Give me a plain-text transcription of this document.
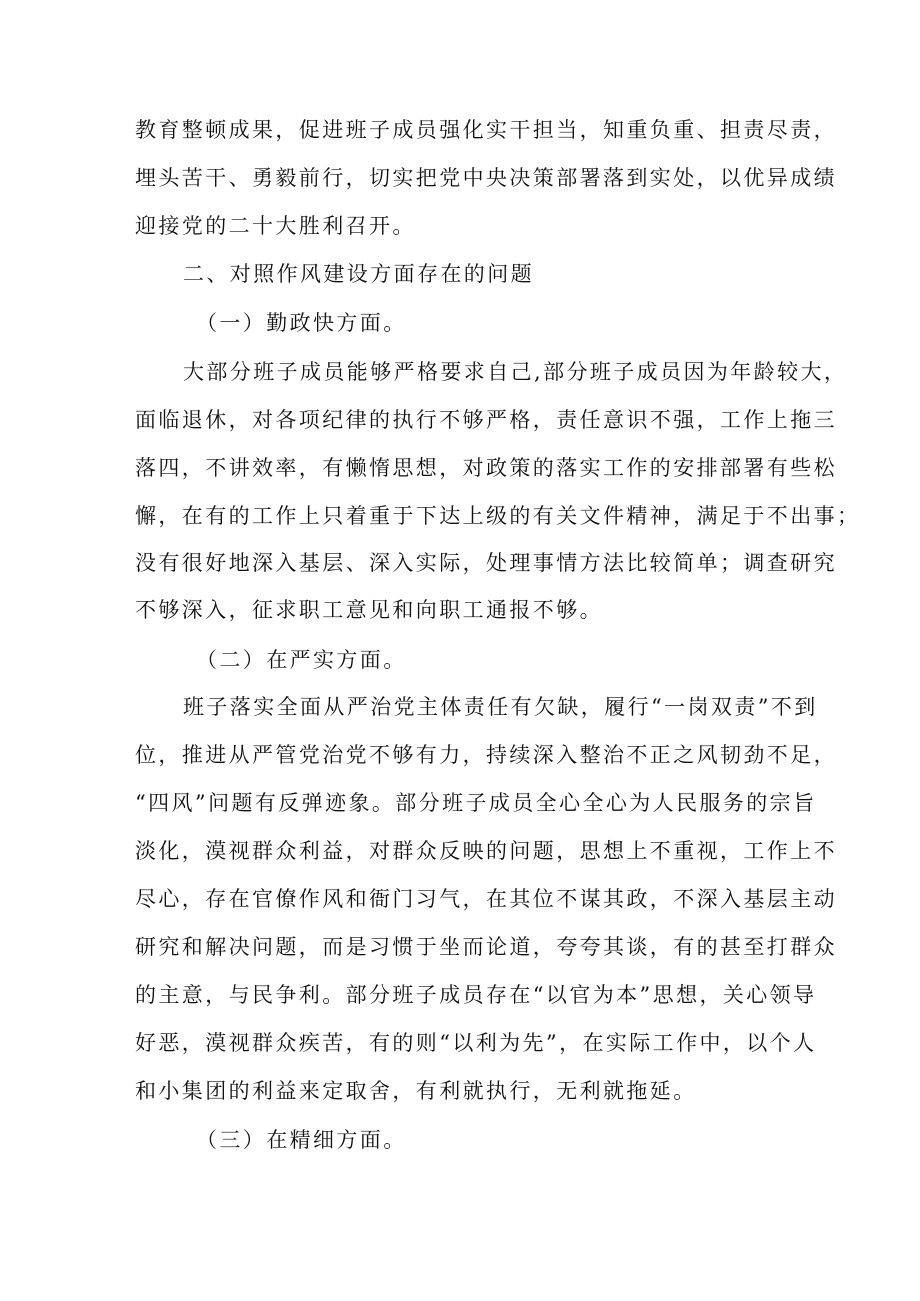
教育整顿成果，促进班子成员强化实干担当，知重负重、担责尽责，
埋头苦干、勇毅前行，切实把党中央决策部署落到实处，以优异成绩
迎接党的二十大胜利召开。
二、对照作风建设方面存在的问题
（一）勤政快方面。
大部分班子成员能够严格要求自己,部分班子成员因为年龄较大，
面临退休，对各项纪律的执行不够严格，责任意识不强，工作上拖三
落四，不讲效率，有懒惰思想，对政策的落实工作的安排部署有些松
懈，在有的工作上只着重于下达上级的有关文件精神，满足于不出事；
没有很好地深入基层、深入实际，处理事情方法比较简单；调查研究
不够深入，征求职工意见和向职工通报不够。
（二）在严实方面。
班子落实全面从严治党主体责任有欠缺，履行“一岗双责”不到
位，推进从严管党治党不够有力，持续深入整治不正之风韧劲不足，
“四风”问题有反弹迹象。部分班子成员全心全心为人民服务的宗旨
淡化，漠视群众利益，对群众反映的问题，思想上不重视，工作上不
尽心，存在官僚作风和衙门习气，在其位不谋其政，不深入基层主动
研究和解决问题，而是习惯于坐而论道，夸夸其谈，有的甚至打群众
的主意，与民争利。部分班子成员存在“以官为本”思想，关心领导
好恶，漠视群众疾苦，有的则“以利为先”，在实际工作中，以个人
和小集团的利益来定取舍，有利就执行，无利就拖延。
（三）在精细方面。
